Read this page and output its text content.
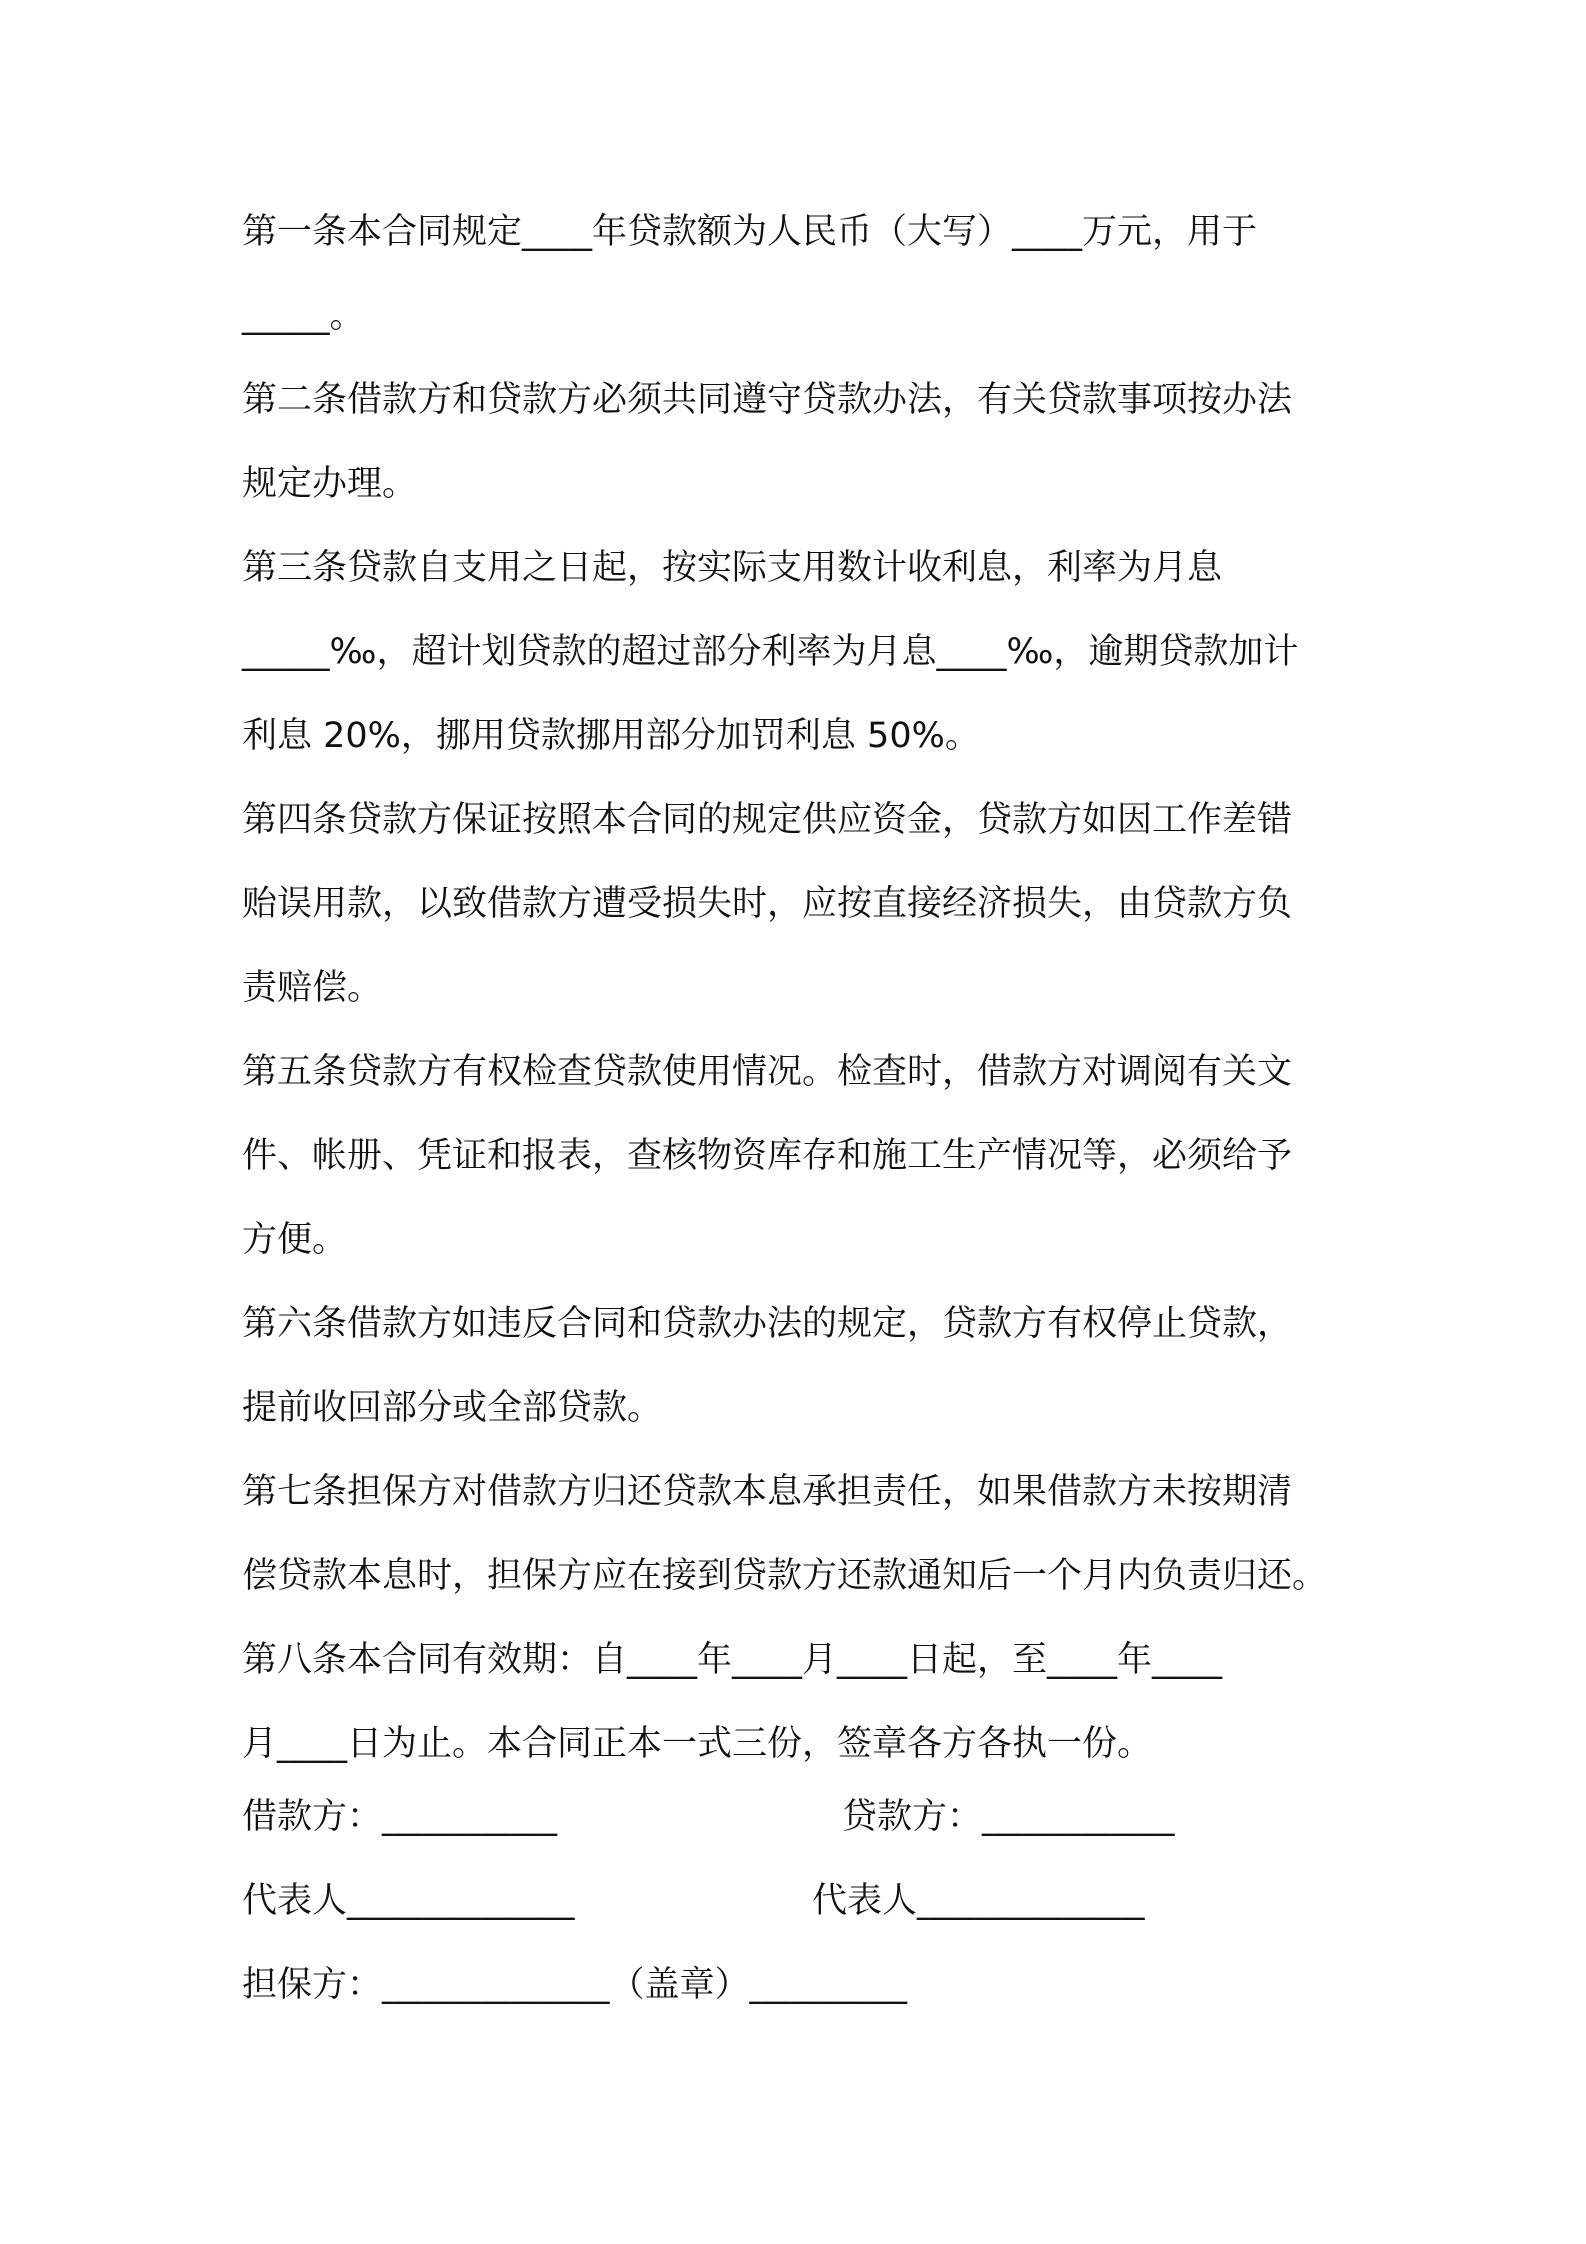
第一条本合同规定____年贷款额为人民币（大写）____万元，用于
_____。
第二条借款方和贷款方必须共同遵守贷款办法，有关贷款事项按办法
规定办理。
第三条贷款自支用之日起，按实际支用数计收利息，利率为月息
_____‰，超计划贷款的超过部分利率为月息____‰，逾期贷款加计
利息 20%，挪用贷款挪用部分加罚利息 50%。
第四条贷款方保证按照本合同的规定供应资金，贷款方如因工作差错
贻误用款，以致借款方遭受损失时，应按直接经济损失，由贷款方负
责赔偿。
第五条贷款方有权检查贷款使用情况。检查时，借款方对调阅有关文
件、帐册、凭证和报表，查核物资库存和施工生产情况等，必须给予
方便。
第六条借款方如违反合同和贷款办法的规定，贷款方有权停止贷款，
提前收回部分或全部贷款。
第七条担保方对借款方归还贷款本息承担责任，如果借款方未按期清
偿贷款本息时，担保方应在接到贷款方还款通知后一个月内负责归还。
第八条本合同有效期：自____年____月____日起，至____年____
月____日为止。本合同正本一式三份，签章各方各执一份。
借款方：__________	贷款方：___________
代表人_____________	代表人_____________
担保方：_____________（盖章）_________
